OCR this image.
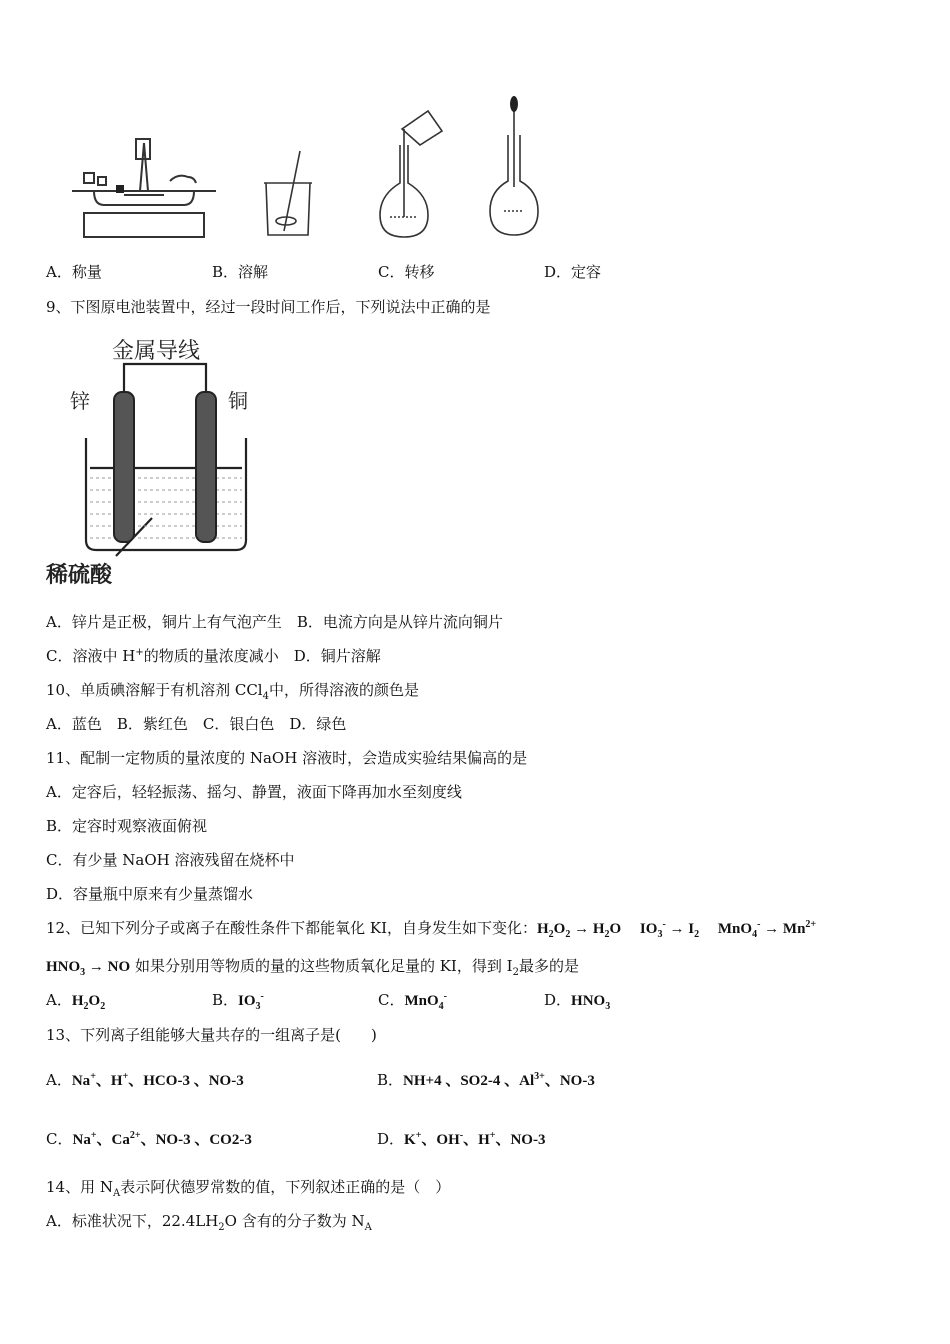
A．称量	B．溶解	C．转移	D．定容
9、下图原电池装置中，经过一段时间工作后，下列说法中正确的是
金属导线
锌	铜
稀硫酸
A．锌片是正极，铜片上有气泡产生　B．电流方向是从锌片流向铜片
C．溶液中 H+的物质的量浓度减小　D．铜片溶解
10、单质碘溶解于有机溶剂 CCl$_4$中，所得溶液的颜色是
A．蓝色　B．紫红色　C．银白色　D．绿色
11、配制一定物质的量浓度的 NaOH 溶液时，会造成实验结果偏高的是
A．定容后，轻轻振荡、摇匀、静置，液面下降再加水至刻度线
B．定容时观察液面俯视
C．有少量 NaOH 溶液残留在烧杯中
D．容量瓶中原来有少量蒸馏水
12、已知下列分子或离子在酸性条件下都能氧化 KI，自身发生如下变化：$H_2O_2 \to H_2O$　 $IO_3^- \to I_2$　 $MnO_4^- \to Mn^{2+}$
$HNO_3$ → NO 如果分别用等物质的量的这些物质氧化足量的 KI，得到 $I_2$最多的是
A．$H_2O_2$	B．$IO_3^-$	C．MnO$_4$-	D．$HNO_3$
13、下列离子组能够大量共存的一组离子是(　　)
A．Na+、H+、HCO-3 、NO-3	B．NH+4 、SO2-4 、$Al^{3+}$、NO-3
C．Na+、$Ca^{2+}$、NO-3 、CO2-3	D．K+、OH-、H+、NO-3
14、用 $N_A$表示阿伏德罗常数的值，下列叙述正确的是（　）
A．标准状况下，$22.4LH_2O$ 含有的分子数为 $N_A$
